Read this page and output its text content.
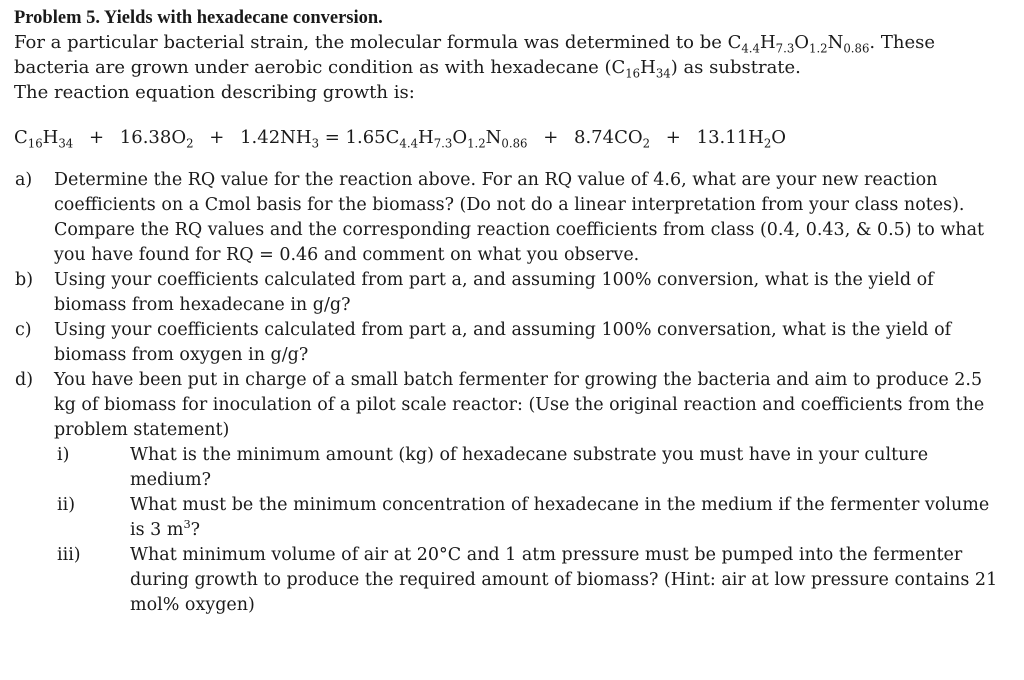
Problem 5. Yields with hexadecane conversion.

For a particular bacterial strain, the molecular formula was determined to be $C_{4.4}H_{7.3}O_{1.2}N_{0.86}$. These bacteria are grown under aerobic condition as with hexadecane $(C_{16}H_{34})$ as substrate.

The reaction equation describing growth is:

$C_{16}H_{34} + 16.38O_2 + 1.42NH_3 = 1.65C_{4.4}H_{7.3}O_{1.2}N_{0.86} + 8.74CO_2 + 13.11H_2O$
a) Determine the RQ value for the reaction above. For an RQ value of 4.6, what are your new reaction coefficients on a Cmol basis for the biomass? (Do not do a linear interpretation from your class notes). Compare the RQ values and the corresponding reaction coefficients from class (0.4, 0.43, & 0.5) to what you have found for RQ = 0.46 and comment on what you observe.
b) Using your coefficients calculated from part a, and assuming 100% conversion, what is the yield of biomass from hexadecane in g/g?
c) Using your coefficients calculated from part a, and assuming 100% conversation, what is the yield of biomass from oxygen in g/g?
d) You have been put in charge of a small batch fermenter for growing the bacteria and aim to produce 2.5 kg of biomass for inoculation of a pilot scale reactor: (Use the original reaction and coefficients from the problem statement)
i)	What is the minimum amount (kg) of hexadecane substrate you must have in your culture medium?
ii)	What must be the minimum concentration of hexadecane in the medium if the fermenter volume is 3 $m^3$?
iii)	What minimum volume of air at 20°C and 1 atm pressure must be pumped into the fermenter during growth to produce the required amount of biomass? (Hint: air at low pressure contains 21 mol% oxygen)
